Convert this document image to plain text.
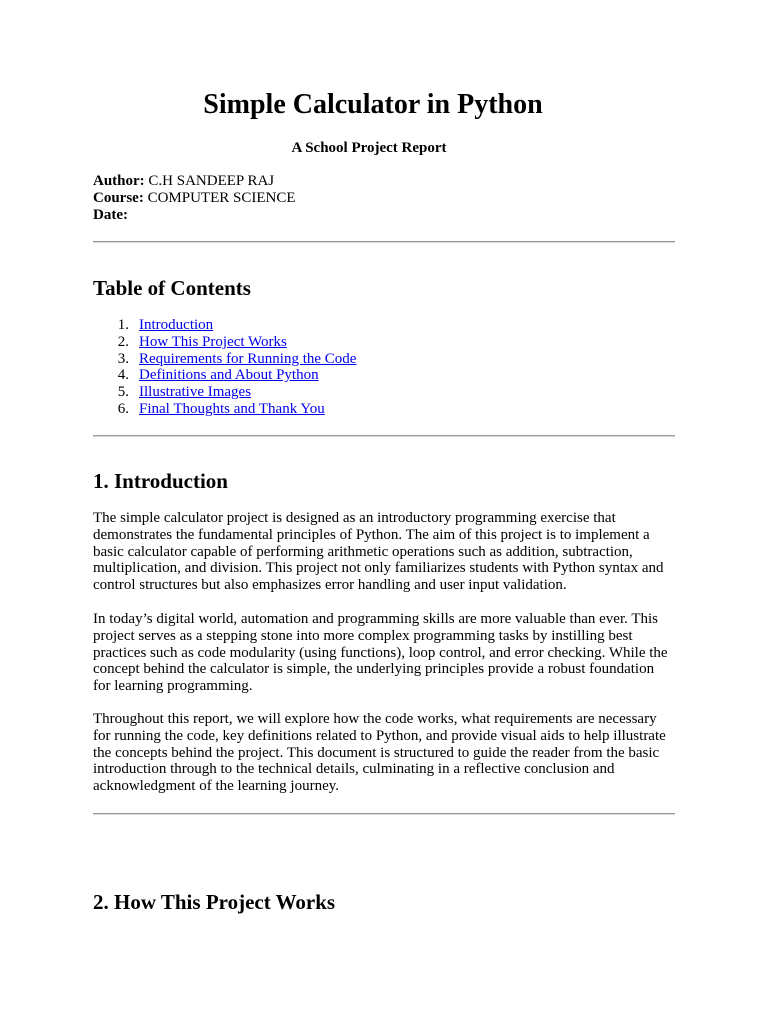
Simple Calculator in Python
A School Project Report
Author: C.H SANDEEP RAJ
Course: COMPUTER SCIENCE
Date:
Table of Contents
1. Introduction
2. How This Project Works
3. Requirements for Running the Code
4. Definitions and About Python
5. Illustrative Images
6. Final Thoughts and Thank You
1. Introduction

The simple calculator project is designed as an introductory programming exercise that demonstrates the fundamental principles of Python. The aim of this project is to implement a basic calculator capable of performing arithmetic operations such as addition, subtraction, multiplication, and division. This project not only familiarizes students with Python syntax and control structures but also emphasizes error handling and user input validation.

In today’s digital world, automation and programming skills are more valuable than ever. This project serves as a stepping stone into more complex programming tasks by instilling best practices such as code modularity (using functions), loop control, and error checking. While the concept behind the calculator is simple, the underlying principles provide a robust foundation for learning programming.

Throughout this report, we will explore how the code works, what requirements are necessary for running the code, key definitions related to Python, and provide visual aids to help illustrate the concepts behind the project. This document is structured to guide the reader from the basic introduction through to the technical details, culminating in a reflective conclusion and acknowledgment of the learning journey.

2. How This Project Works
